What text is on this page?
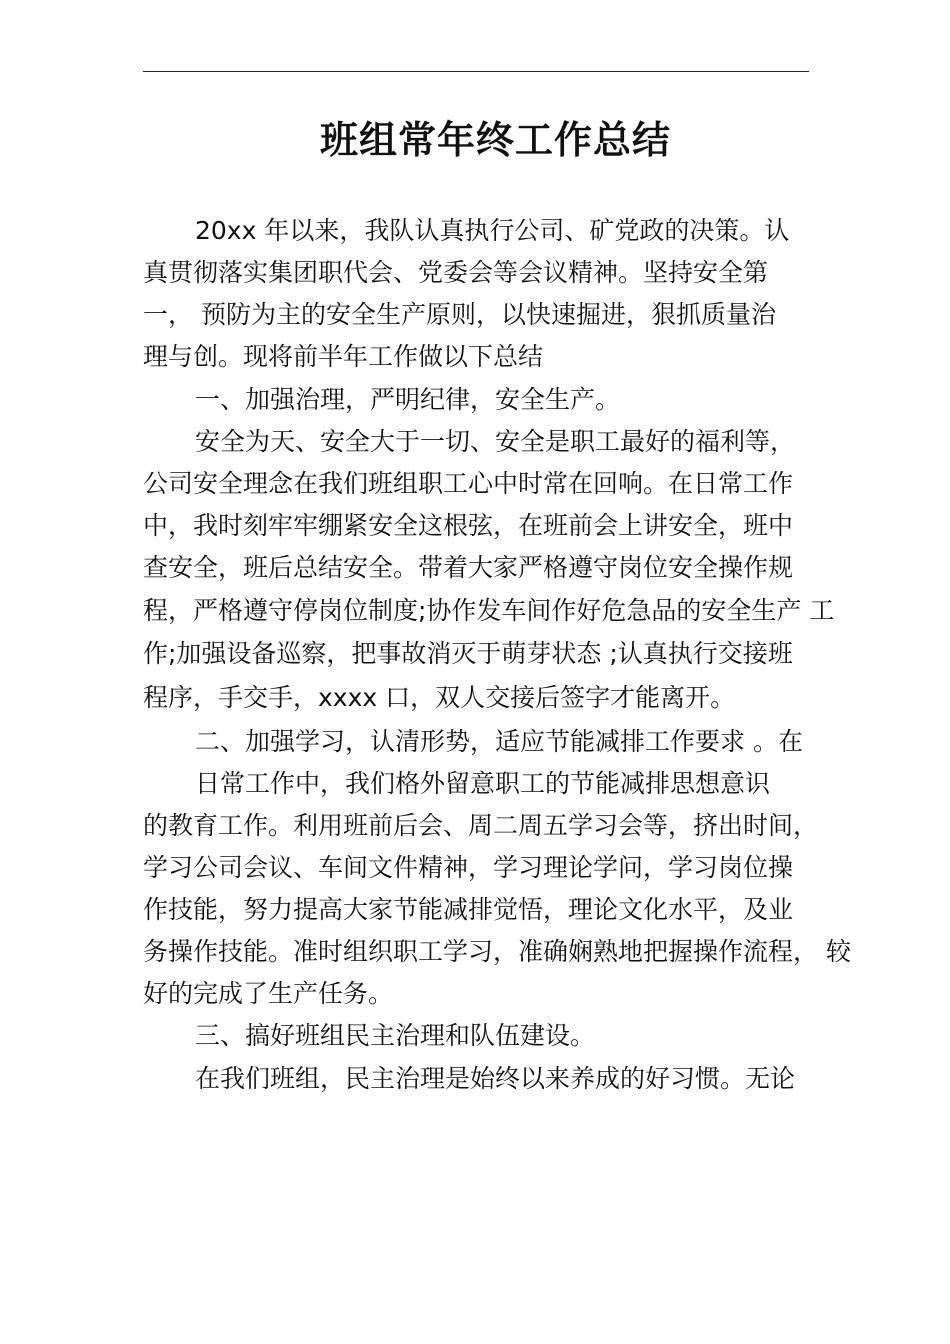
班组常年终工作总结
20xx 年以来，我队认真执行公司、矿党政的决策。认
真贯彻落实集团职代会、党委会等会议精神。坚持安全第
一， 预防为主的安全生产原则，以快速掘进，狠抓质量治
理与创。现将前半年工作做以下总结
一、加强治理，严明纪律，安全生产。
安全为天、安全大于一切、安全是职工最好的福利等，
公司安全理念在我们班组职工心中时常在回响。在日常工作
中，我时刻牢牢绷紧安全这根弦，在班前会上讲安全，班中
查安全，班后总结安全。带着大家严格遵守岗位安全操作规
程，严格遵守停岗位制度;协作发车间作好危急品的安全生产 工
作;加强设备巡察，把事故消灭于萌芽状态 ;认真执行交接班
程序，手交手，xxxx 口，双人交接后签字才能离开。
二、加强学习，认清形势，适应节能减排工作要求 。在
日常工作中，我们格外留意职工的节能减排思想意识
的教育工作。利用班前后会、周二周五学习会等，挤出时间，
学习公司会议、车间文件精神，学习理论学问，学习岗位操
作技能，努力提高大家节能减排觉悟，理论文化水平，及业
务操作技能。准时组织职工学习，准确娴熟地把握操作流程， 较
好的完成了生产任务。
三、搞好班组民主治理和队伍建设。
在我们班组，民主治理是始终以来养成的好习惯。无论
